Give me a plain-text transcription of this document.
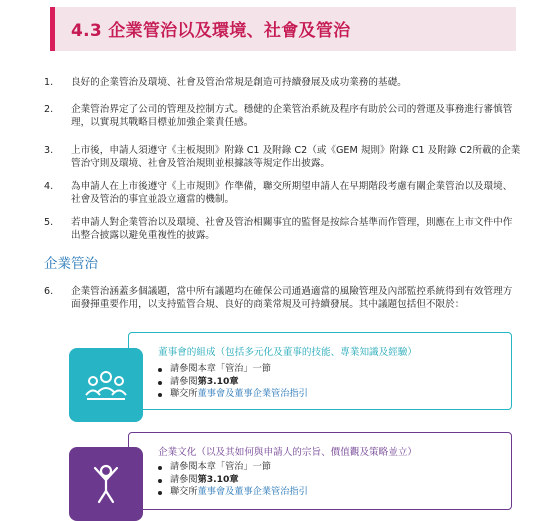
4.3 企業管治以及環境、社會及管治
1. 良好的企業管治及環境、社會及管治常規是創造可持續發展及成功業務的基礎。
2. 企業管治界定了公司的管理及控制方式。穩健的企業管治系統及程序有助於公司的營運及事務進行審慎管理，以實現其戰略目標並加強企業責任感。
3. 上市後，申請人須遵守《主板規則》附錄 C1 及附錄 C2（或《GEM 規則》附錄 C1 及附錄 C2所載的企業管治守則及環境、社會及管治規則並根據該等規定作出披露。
4. 為申請人在上市後遵守《上市規則》作準備，聯交所期望申請人在早期階段考慮有關企業管治以及環境、社會及管治的事宜並設立適當的機制。
5. 若申請人對企業管治以及環境、社會及管治相關事宜的監督是按綜合基準而作管理，則應在上市文件中作出整合披露以避免重複性的披露。
企業管治
6. 企業管治涵蓋多個議題，當中所有議題均在確保公司通過適當的風險管理及內部監控系統得到有效管理方面發揮重要作用，以支持監管合規、良好的商業常規及可持續發展。其中議題包括但不限於：
董事會的組成（包括多元化及董事的技能、專業知識及經驗）
請參閱本章「管治」一節
請參閱第3.10章
聯交所董事會及董事企業管治指引
企業文化（以及其如何與申請人的宗旨、價值觀及策略並立）
請參閱本章「管治」一節
請參閱第3.10章
聯交所董事會及董事企業管治指引
